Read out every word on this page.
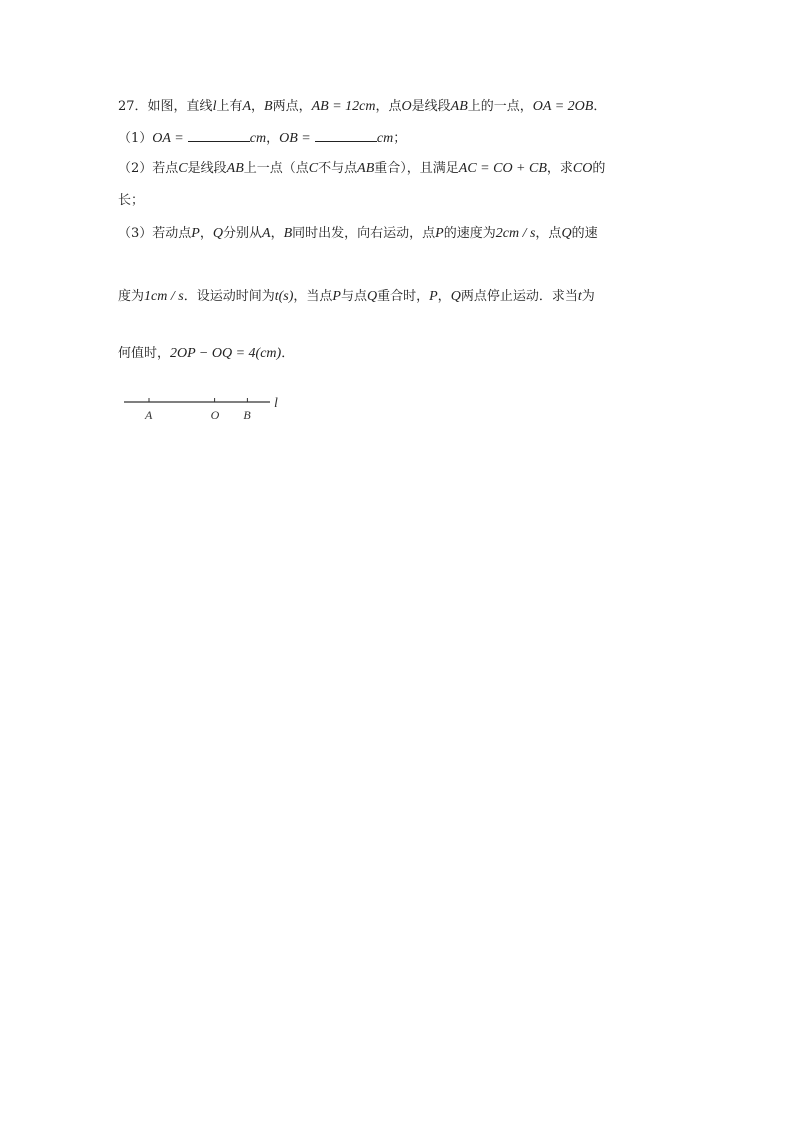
27．如图，直线l上有A，B两点，AB = 12cm，点O是线段AB上的一点，OA = 2OB．
（1）OA =	cm，OB =	cm；
（2）若点C是线段AB上一点（点C不与点AB重合），且满足AC = CO + CB，求CO的
长；
（3）若动点P，Q分别从A，B同时出发，向右运动，点P的速度为2cm / s，点Q的速
度为1cm / s．设运动时间为t(s)，当点P与点Q重合时，P，Q两点停止运动．求当t为
何值时，2OP − OQ = 4(cm)．
l
A	O B
